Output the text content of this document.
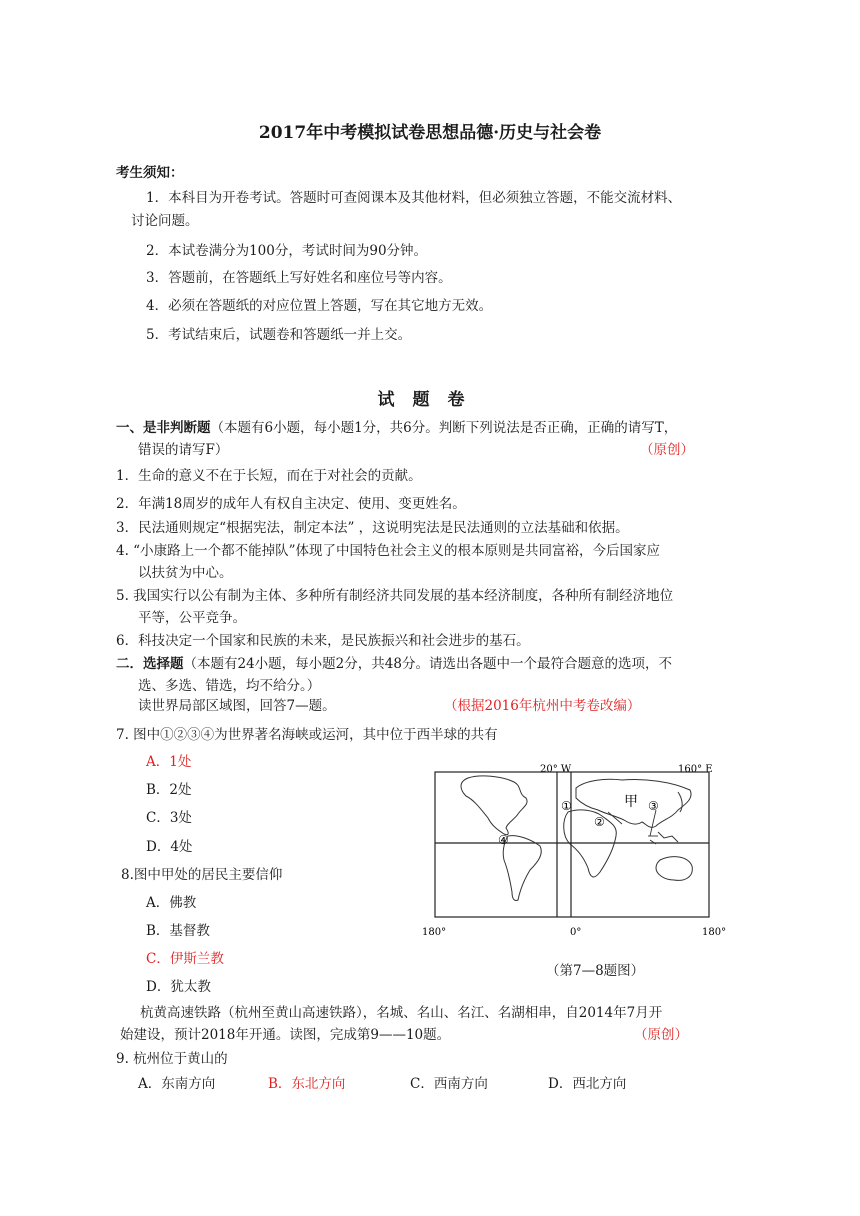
2017年中考模拟试卷思想品德·历史与社会卷
考生须知：
1．本科目为开卷考试。答题时可查阅课本及其他材料，但必须独立答题，不能交流材料、
讨论问题。
2．本试卷满分为100分，考试时间为90分钟。
3．答题前，在答题纸上写好姓名和座位号等内容。
4．必须在答题纸的对应位置上答题，写在其它地方无效。
5．考试结束后，试题卷和答题纸一并上交。
试题卷
一、是非判断题（本题有6小题，每小题1分，共6分。判断下列说法是否正确，正确的请写T，
错误的请写F）	（原创）
1．生命的意义不在于长短，而在于对社会的贡献。
2．年满18周岁的成年人有权自主决定、使用、变更姓名。
3．民法通则规定“根据宪法，制定本法” ，这说明宪法是民法通则的立法基础和依据。
4. “小康路上一个都不能掉队”体现了中国特色社会主义的根本原则是共同富裕，今后国家应
以扶贫为中心。
5. 我国实行以公有制为主体、多种所有制经济共同发展的基本经济制度，各种所有制经济地位
平等，公平竞争。
6．科技决定一个国家和民族的未来，是民族振兴和社会进步的基石。
二．选择题（本题有24小题，每小题2分，共48分。请选出各题中一个最符合题意的选项，不
选、多选、错选，均不给分。）
读世界局部区域图，回答7—题。	（根据2016年杭州中考卷改编）
7. 图中①②③④为世界著名海峡或运河，其中位于西半球的共有
A．1处
B．2处
C．3处
D．4处
8.图中甲处的居民主要信仰
A．佛教
B．基督教
C．伊斯兰教
D．犹太教
20° W	160° E
甲
①
②
③
④
180°	0°	180°
（第7—8题图）
杭黄高速铁路（杭州至黄山高速铁路），名城、名山、名江、名湖相串，自2014年7月开
始建设，预计2018年开通。读图，完成第9——10题。	（原创）
9. 杭州位于黄山的
A．东南方向	B．东北方向	C．西南方向	D．西北方向
